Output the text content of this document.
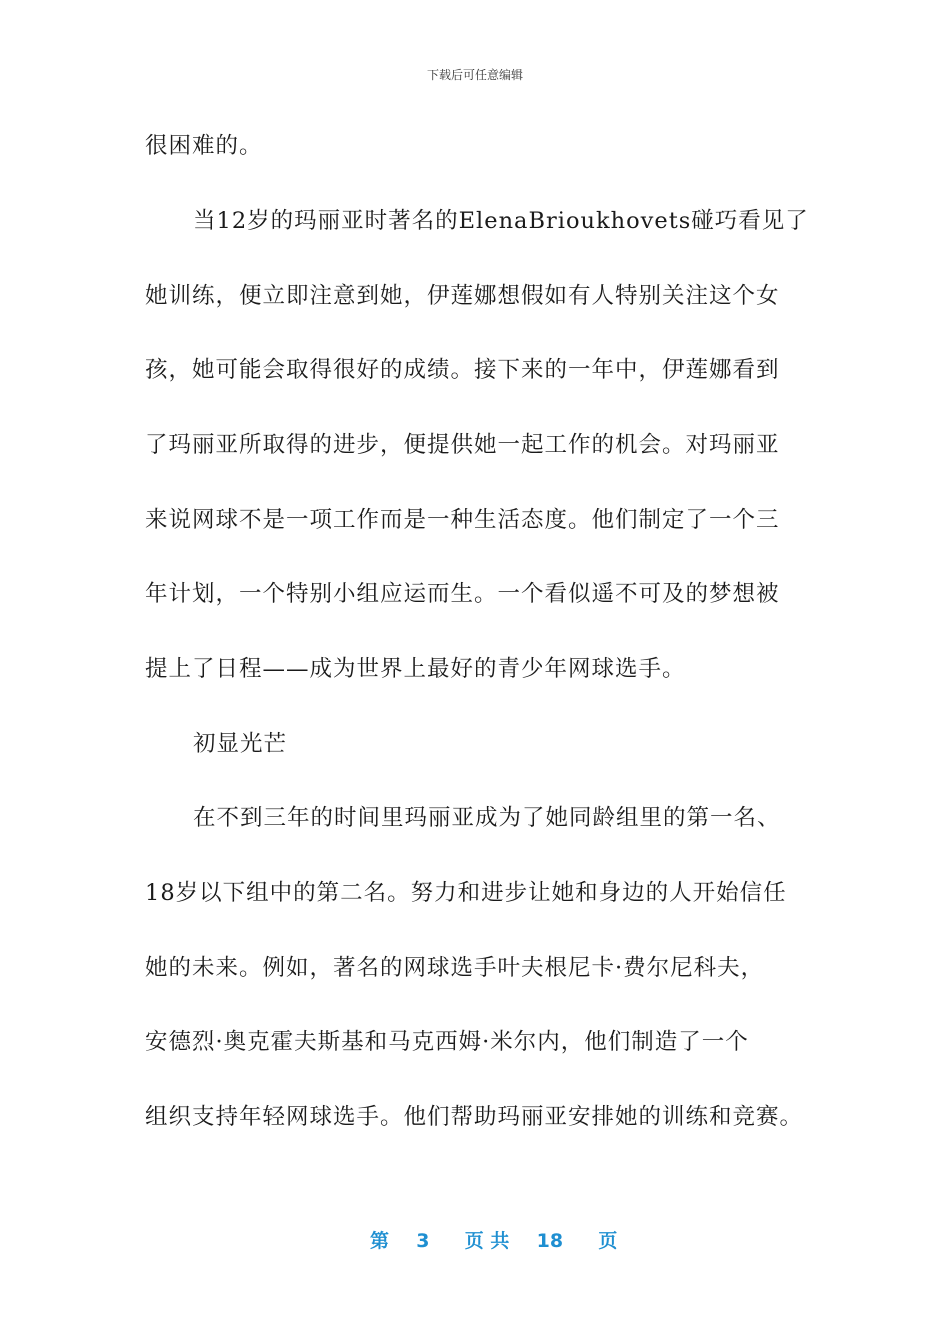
下载后可任意编辑
很困难的。
当12岁的玛丽亚时著名的ElenaBrioukhovets碰巧看见了
她训练，便立即注意到她，伊莲娜想假如有人特别关注这个女
孩，她可能会取得很好的成绩。接下来的一年中，伊莲娜看到
了玛丽亚所取得的进步，便提供她一起工作的机会。对玛丽亚
来说网球不是一项工作而是一种生活态度。他们制定了一个三
年计划，一个特别小组应运而生。一个看似遥不可及的梦想被
提上了日程——成为世界上最好的青少年网球选手。
初显光芒
在不到三年的时间里玛丽亚成为了她同龄组里的第一名、
18岁以下组中的第二名。努力和进步让她和身边的人开始信任
她的未来。例如，著名的网球选手叶夫根尼卡·费尔尼科夫，
安德烈·奥克霍夫斯基和马克西姆·米尔内，他们制造了一个
组织支持年轻网球选手。他们帮助玛丽亚安排她的训练和竞赛。
第 3 页 共 18 页
